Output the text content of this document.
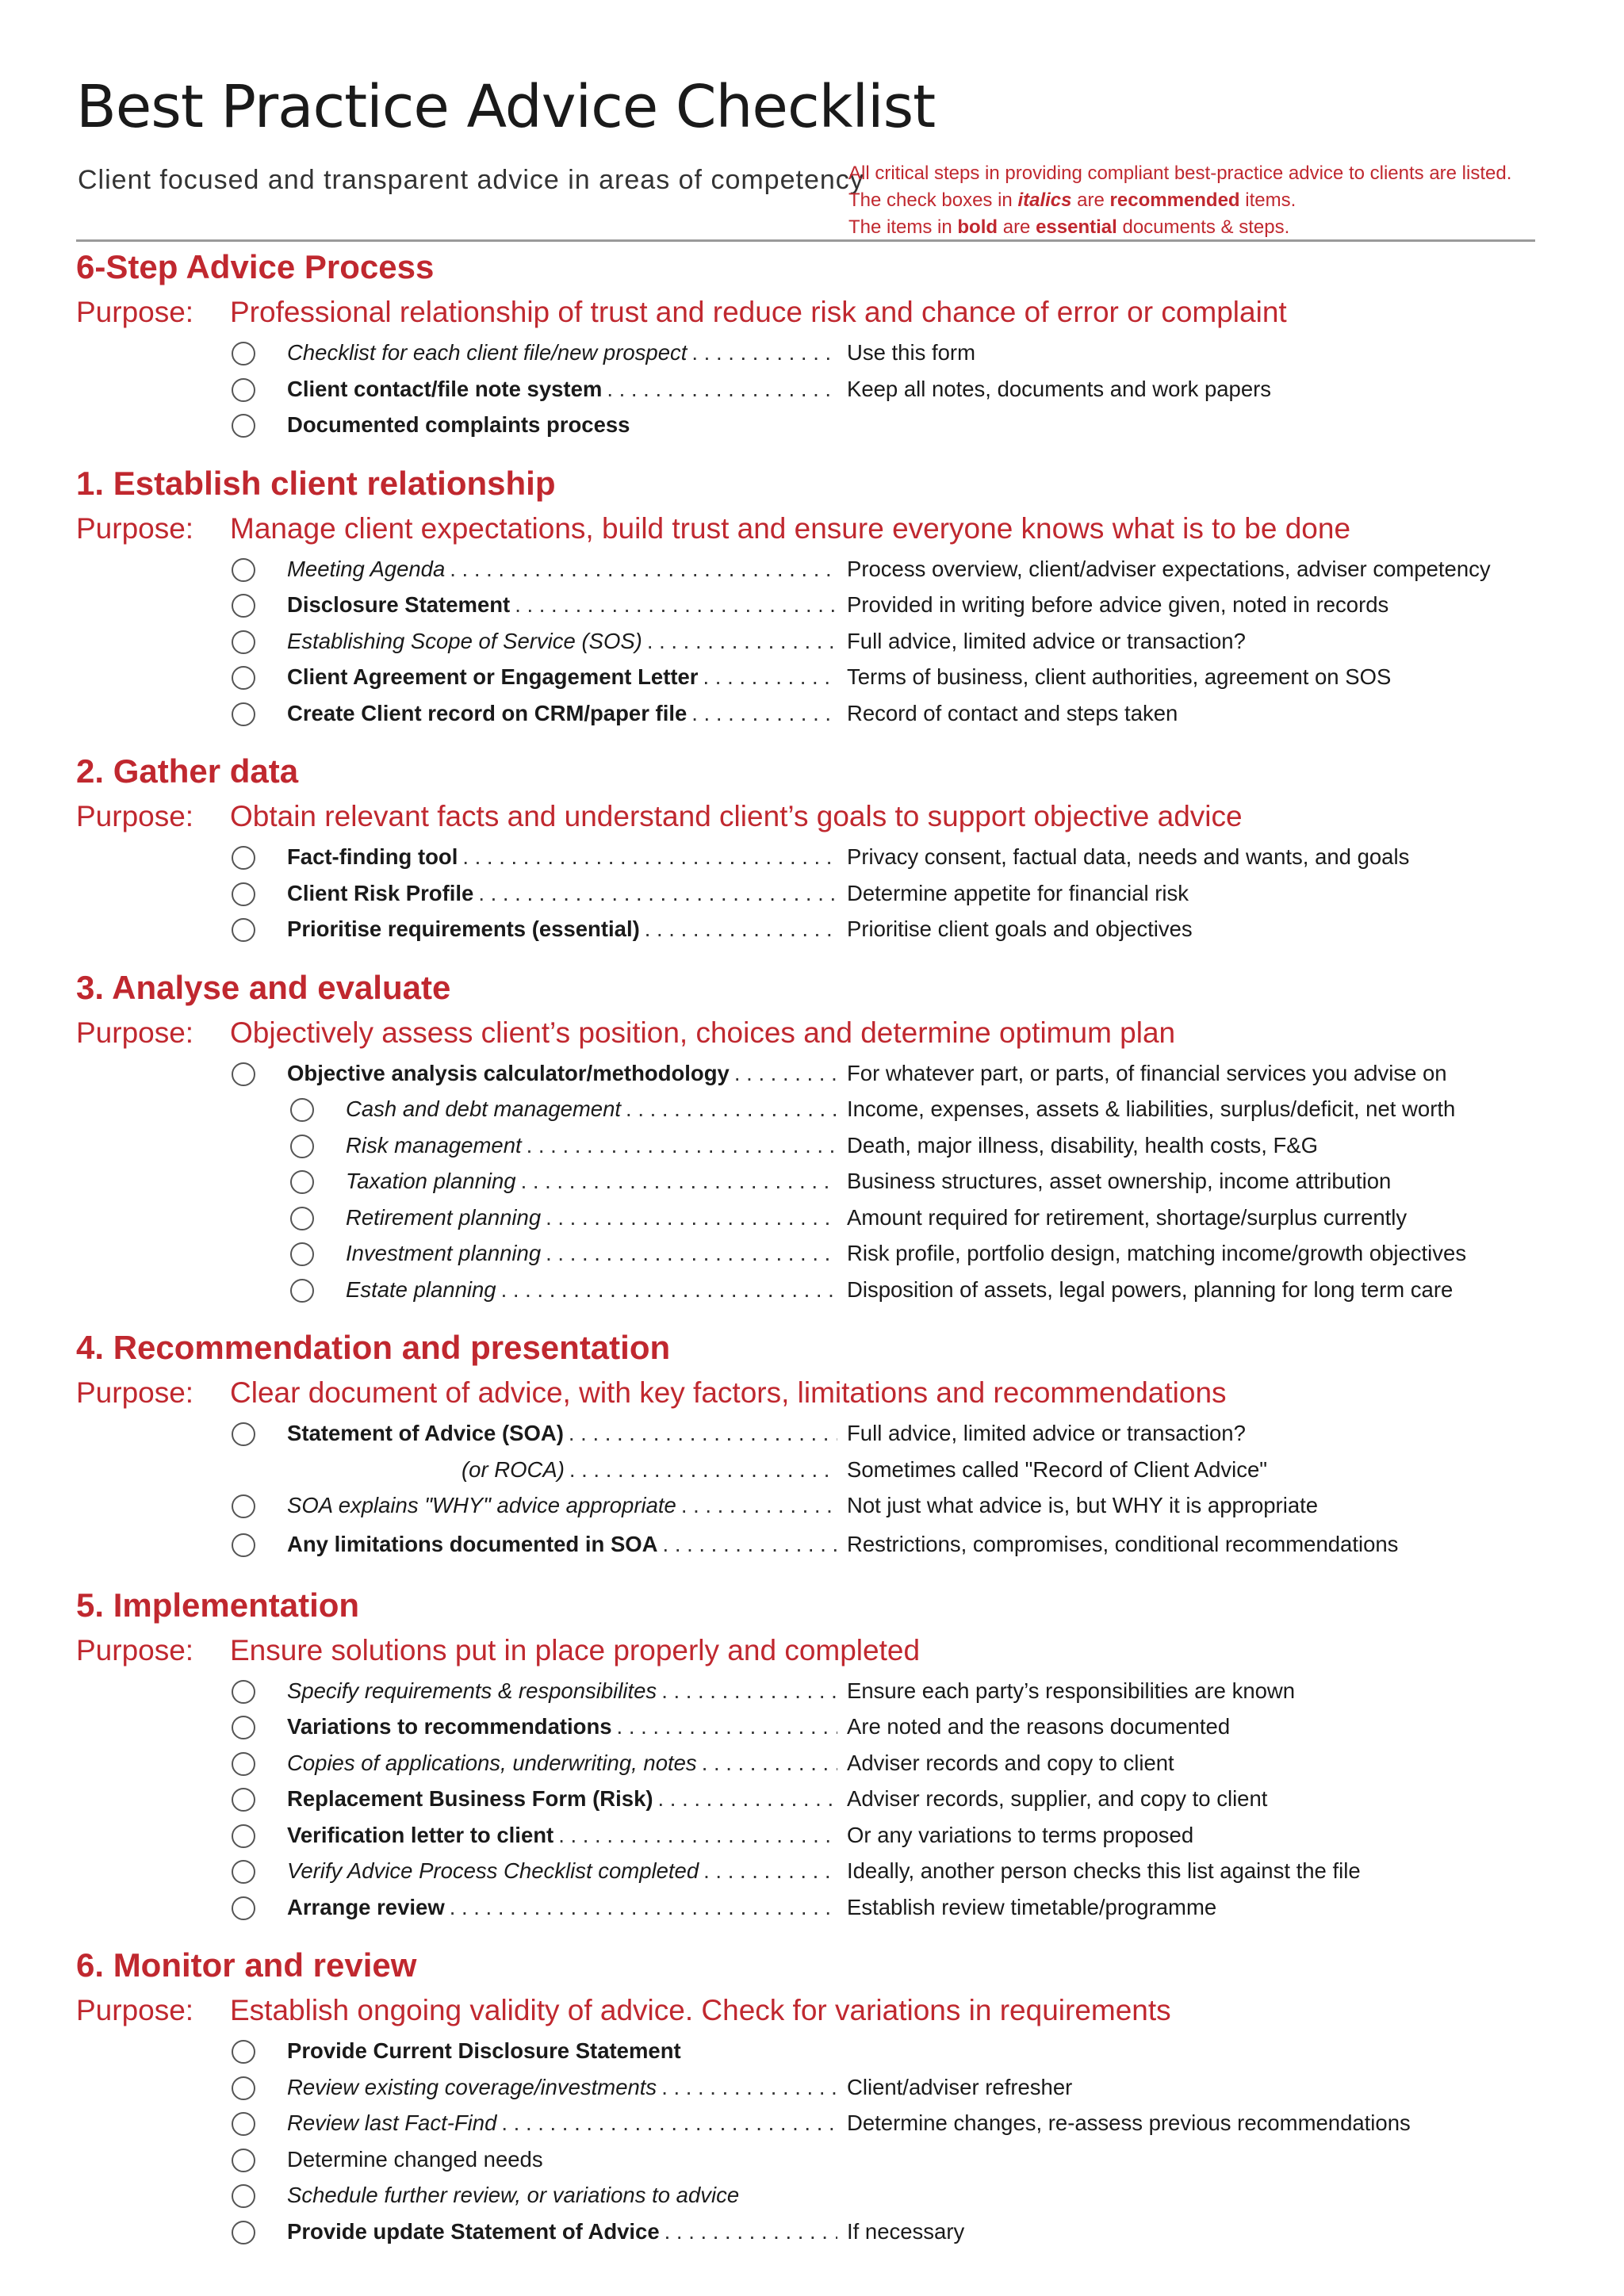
Best Practice Advice Checklist
Client focused and transparent advice in areas of competency
All critical steps in providing compliant best-practice advice to clients are listed.
The check boxes in italics are recommended items.
The items in bold are essential documents & steps.
6-Step Advice Process
Purpose:	Professional relationship of trust and reduce risk and chance of error or complaint
Checklist for each client file/new prospect . . .	Use this form
Client contact/file note system . . .	Keep all notes, documents and work papers
Documented complaints process
1. Establish client relationship
Purpose:	Manage client expectations, build trust and ensure everyone knows what is to be done
Meeting Agenda . . .	Process overview, client/adviser expectations, adviser competency
Disclosure Statement . . .	Provided in writing before advice given, noted in records
Establishing Scope of Service (SOS) . . .	Full advice, limited advice or transaction?
Client Agreement or Engagement Letter . . .	Terms of business, client authorities, agreement on SOS
Create Client record on CRM/paper file . . .	Record of contact and steps taken
2. Gather data
Purpose:	Obtain relevant facts and understand client’s goals to support objective advice
Fact-finding tool . . .	Privacy consent, factual data, needs and wants, and goals
Client Risk Profile . . .	Determine appetite for financial risk
Prioritise requirements (essential) . . .	Prioritise client goals and objectives
3. Analyse and evaluate
Purpose:	Objectively assess client’s position, choices and determine optimum plan
Objective analysis calculator/methodology . . .	For whatever part, or parts, of financial services you advise on
Cash and debt management . . .	Income, expenses, assets & liabilities, surplus/deficit, net worth
Risk management . . .	Death, major illness, disability, health costs, F&G
Taxation planning . . .	Business structures, asset ownership, income attribution
Retirement planning . . .	Amount required for retirement, shortage/surplus currently
Investment planning . . .	Risk profile, portfolio design, matching income/growth objectives
Estate planning . . .	Disposition of assets, legal powers, planning for long term care
4. Recommendation and presentation
Purpose:	Clear document of advice, with key factors, limitations and recommendations
Statement of Advice (SOA) . . .	Full advice, limited advice or transaction?
(or ROCA) . . .	Sometimes called "Record of Client Advice"
SOA explains "WHY" advice appropriate . . .	Not just what advice is, but WHY it is appropriate
Any limitations documented in SOA . . .	Restrictions, compromises, conditional recommendations
5. Implementation
Purpose:	Ensure solutions put in place properly and completed
Specify requirements & responsibilites . . .	Ensure each party’s responsibilities are known
Variations to recommendations . . .	Are noted and the reasons documented
Copies of applications, underwriting, notes . . .	Adviser records and copy to client
Replacement Business Form (Risk) . . .	Adviser records, supplier, and copy to client
Verification letter to client . . .	Or any variations to terms proposed
Verify Advice Process Checklist completed . . .	Ideally, another person checks this list against the file
Arrange review . . .	Establish review timetable/programme
6. Monitor and review
Purpose:	Establish ongoing validity of advice. Check for variations in requirements
Provide Current Disclosure Statement
Review existing coverage/investments . . .	Client/adviser refresher
Review last Fact-Find . . .	Determine changes, re-assess previous recommendations
Determine changed needs
Schedule further review, or variations to advice
Provide update Statement of Advice . . .	If necessary
